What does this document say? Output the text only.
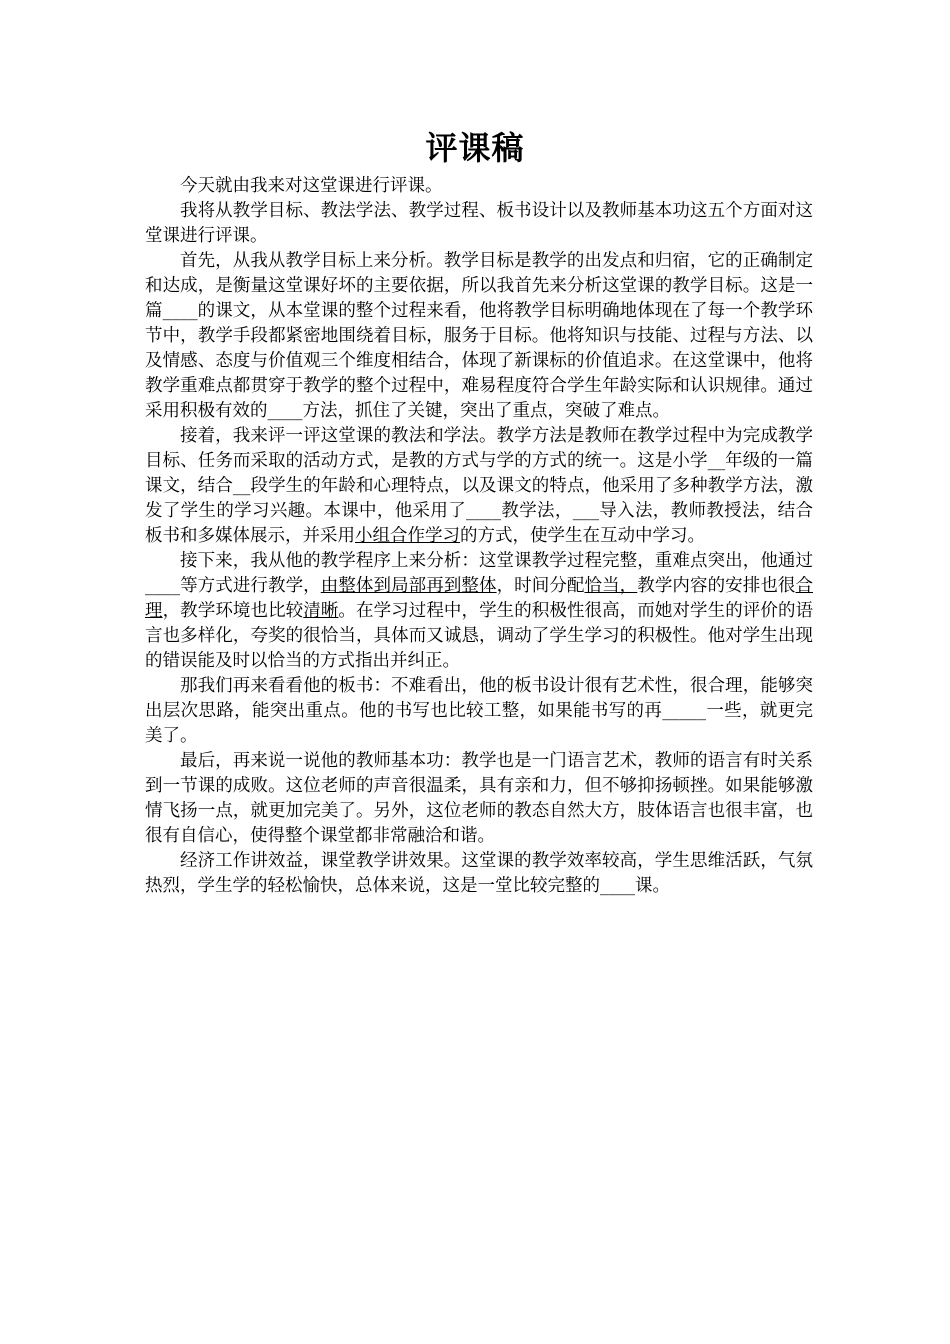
评课稿

今天就由我来对这堂课进行评课。

我将从教学目标、教法学法、教学过程、板书设计以及教师基本功这五个方面对这堂课进行评课。

首先，从我从教学目标上来分析。教学目标是教学的出发点和归宿，它的正确制定和达成，是衡量这堂课好坏的主要依据，所以我首先来分析这堂课的教学目标。这是一篇____的课文，从本堂课的整个过程来看，他将教学目标明确地体现在了每一个教学环节中，教学手段都紧密地围绕着目标，服务于目标。他将知识与技能、过程与方法、以及情感、态度与价值观三个维度相结合，体现了新课标的价值追求。在这堂课中，他将教学重难点都贯穿于教学的整个过程中，难易程度符合学生年龄实际和认识规律。通过采用积极有效的____方法，抓住了关键，突出了重点，突破了难点。

接着，我来评一评这堂课的教法和学法。教学方法是教师在教学过程中为完成教学目标、任务而采取的活动方式，是教的方式与学的方式的统一。这是小学__年级的一篇课文，结合__段学生的年龄和心理特点，以及课文的特点，他采用了多种教学方法，激发了学生的学习兴趣。本课中，他采用了____教学法，___导入法，教师教授法，结合板书和多媒体展示，并采用小组合作学习的方式，使学生在互动中学习。

接下来，我从他的教学程序上来分析：这堂课教学过程完整，重难点突出，他通过____等方式进行教学，由整体到局部再到整体，时间分配恰当，教学内容的安排也很合理，教学环境也比较清晰。在学习过程中，学生的积极性很高，而她对学生的评价的语言也多样化，夸奖的很恰当，具体而又诚恳，调动了学生学习的积极性。他对学生出现的错误能及时以恰当的方式指出并纠正。

那我们再来看看他的板书：不难看出，他的板书设计很有艺术性，很合理，能够突出层次思路，能突出重点。他的书写也比较工整，如果能书写的再_____一些，就更完美了。

最后，再来说一说他的教师基本功：教学也是一门语言艺术，教师的语言有时关系到一节课的成败。这位老师的声音很温柔，具有亲和力，但不够抑扬顿挫。如果能够激情飞扬一点，就更加完美了。另外，这位老师的教态自然大方，肢体语言也很丰富，也很有自信心，使得整个课堂都非常融洽和谐。

经济工作讲效益，课堂教学讲效果。这堂课的教学效率较高，学生思维活跃，气氛热烈，学生学的轻松愉快，总体来说，这是一堂比较完整的____课。
